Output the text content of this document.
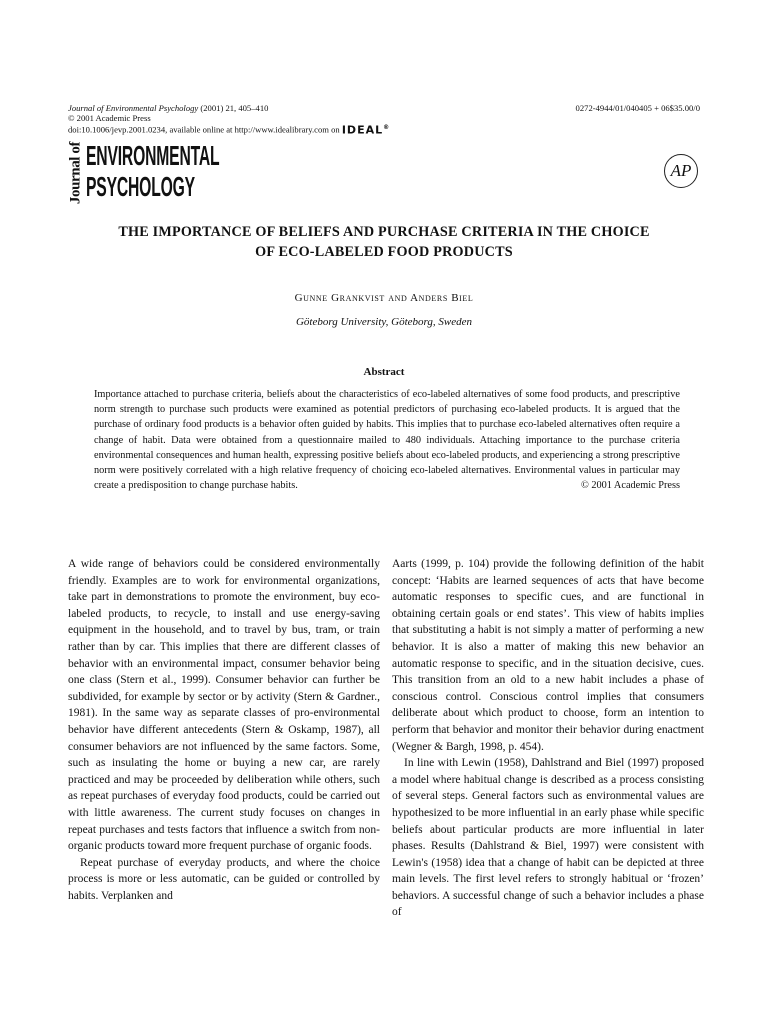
Journal of Environmental Psychology (2001) 21, 405–410
© 2001 Academic Press
doi:10.1006/jevp.2001.0234, available online at http://www.idealibrary.com on IDEAL®
0272-4944/01/040405 + 06$35.00/0
Journal of ENVIRONMENTAL
PSYCHOLOGY
AP
THE IMPORTANCE OF BELIEFS AND PURCHASE CRITERIA IN THE CHOICE
OF ECO-LABELED FOOD PRODUCTS
Gunne Grankvist and Anders Biel
Göteborg University, Göteborg, Sweden
Abstract
Importance attached to purchase criteria, beliefs about the characteristics of eco-labeled alternatives of some food products, and prescriptive norm strength to purchase such products were examined as potential predictors of purchasing eco-labeled products. It is argued that the purchase of ordinary food products is a behavior often guided by habits. This implies that to purchase eco-labeled alternatives often require a change of habit. Data were obtained from a questionnaire mailed to 480 individuals. Attaching importance to the purchase criteria environmental consequences and human health, expressing positive beliefs about eco-labeled products, and experiencing a strong prescriptive norm were positively correlated with a high relative frequency of choicing eco-labeled alternatives. Environmental values in particular may create a predisposition to change purchase habits.	© 2001 Academic Press

A wide range of behaviors could be considered environmentally friendly. Examples are to work for environmental organizations, take part in demonstrations to promote the environment, buy eco-labeled products, to recycle, to install and use energy-saving equipment in the household, and to travel by bus, tram, or train rather than by car. This implies that there are different classes of behavior with an environmental impact, consumer behavior being one class (Stern et al., 1999). Consumer behavior can further be subdivided, for example by sector or by activity (Stern & Gardner., 1981). In the same way as separate classes of pro-environmental behavior have different antecedents (Stern & Oskamp, 1987), all consumer behaviors are not influenced by the same factors. Some, such as insulating the home or buying a new car, are rarely practiced and may be proceeded by deliberation while others, such as repeat purchases of everyday food products, could be carried out with little awareness. The current study focuses on changes in repeat purchases and tests factors that influence a switch from non-organic products toward more frequent purchase of organic foods.

Repeat purchase of everyday products, and where the choice process is more or less automatic, can be guided or controlled by habits. Verplanken and

Aarts (1999, p. 104) provide the following definition of the habit concept: ‘Habits are learned sequences of acts that have become automatic responses to specific cues, and are functional in obtaining certain goals or end states’. This view of habits implies that substituting a habit is not simply a matter of performing a new behavior. It is also a matter of making this new behavior an automatic response to specific, and in the situation decisive, cues. This transition from an old to a new habit includes a phase of conscious control. Conscious control implies that consumers deliberate about which product to choose, form an intention to perform that behavior and monitor their behavior during enactment (Wegner & Bargh, 1998, p. 454).

In line with Lewin (1958), Dahlstrand and Biel (1997) proposed a model where habitual change is described as a process consisting of several steps. General factors such as environmental values are hypothesized to be more influential in an early phase while specific beliefs about particular products are more influential in later phases. Results (Dahlstrand & Biel, 1997) were consistent with Lewin's (1958) idea that a change of habit can be depicted at three main levels. The first level refers to strongly habitual or ‘frozen’ behaviors. A successful change of such a behavior includes a phase of
